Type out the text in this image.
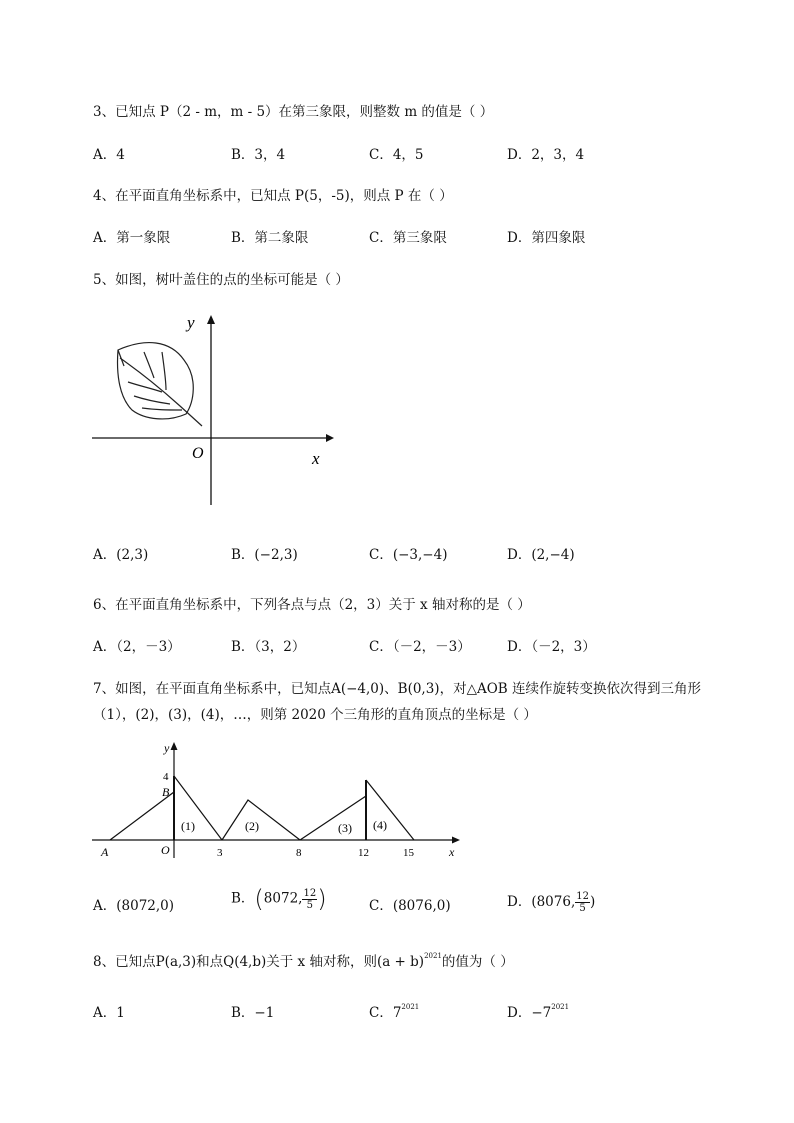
3、已知点 P（2 - m，m - 5）在第三象限，则整数 m 的值是（ ）
A．4	B．3，4	C．4，5	D．2，3，4
4、在平面直角坐标系中，已知点 P(5，-5)，则点 P 在（ ）
A．第一象限	B．第二象限	C．第三象限	D．第四象限
5、如图，树叶盖住的点的坐标可能是（ ）
y
x
O
A．(2,3)	B．(−2,3)	C．(−3,−4)	D．(2,−4)
6、在平面直角坐标系中，下列各点与点（2，3）关于 x 轴对称的是（ ）
A．（2，－3）	B．（3，2）	C．（－2，－3）	D．（－2，3）
7、如图，在平面直角坐标系中，已知点A(−4,0)、B(0,3)，对△AOB 连续作旋转变换依次得到三角形
（1），(2)，(3)，(4)，…，则第 2020 个三角形的直角顶点的坐标是（ ）
y
x
4
B
A	O	3	8	12	15
(1)	(2)	(3) (4)
A．(8072,0)	B．(8072, $\frac{12}{5}$ )	C．(8076,0)	D．(8076, $\frac{12}{5}$ )
8、已知点P(a,3)和点Q(4,b)关于 x 轴对称，则$(a + b)^{2021}$的值为（ ）
A．1	B．−1	C．$7^{2021}$	D．$-7^{2021}$
